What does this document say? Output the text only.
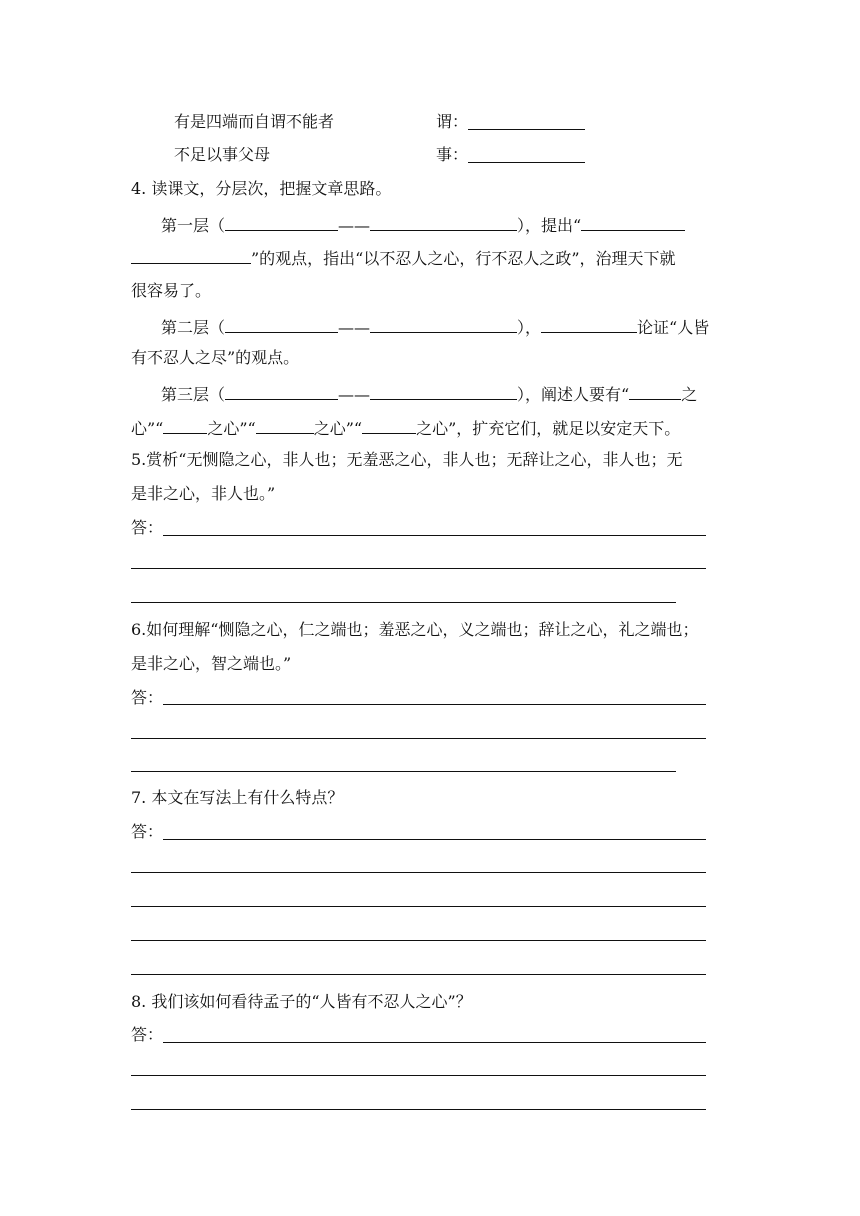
有是四端而自谓不能者	谓：
不足以事父母	事：
4. 读课文，分层次，把握文章思路。
第一层（	——	），提出“
”的观点，指出“以不忍人之心，行不忍人之政”，治理天下就
很容易了。
第二层（	——	），	论证“人皆
有不忍人之尽”的观点。
第三层（	——	），阐述人要有“	之
心”“	之心”“	之心”“	之心”，扩充它们，就足以安定天下。
5.赏析“无恻隐之心，非人也；无羞恶之心，非人也；无辞让之心，非人也；无
是非之心，非人也。”
答：
6.如何理解“恻隐之心，仁之端也；羞恶之心，义之端也；辞让之心，礼之端也；
是非之心，智之端也。”
答：
7. 本文在写法上有什么特点？
答：
8. 我们该如何看待孟子的“人皆有不忍人之心”？
答：
